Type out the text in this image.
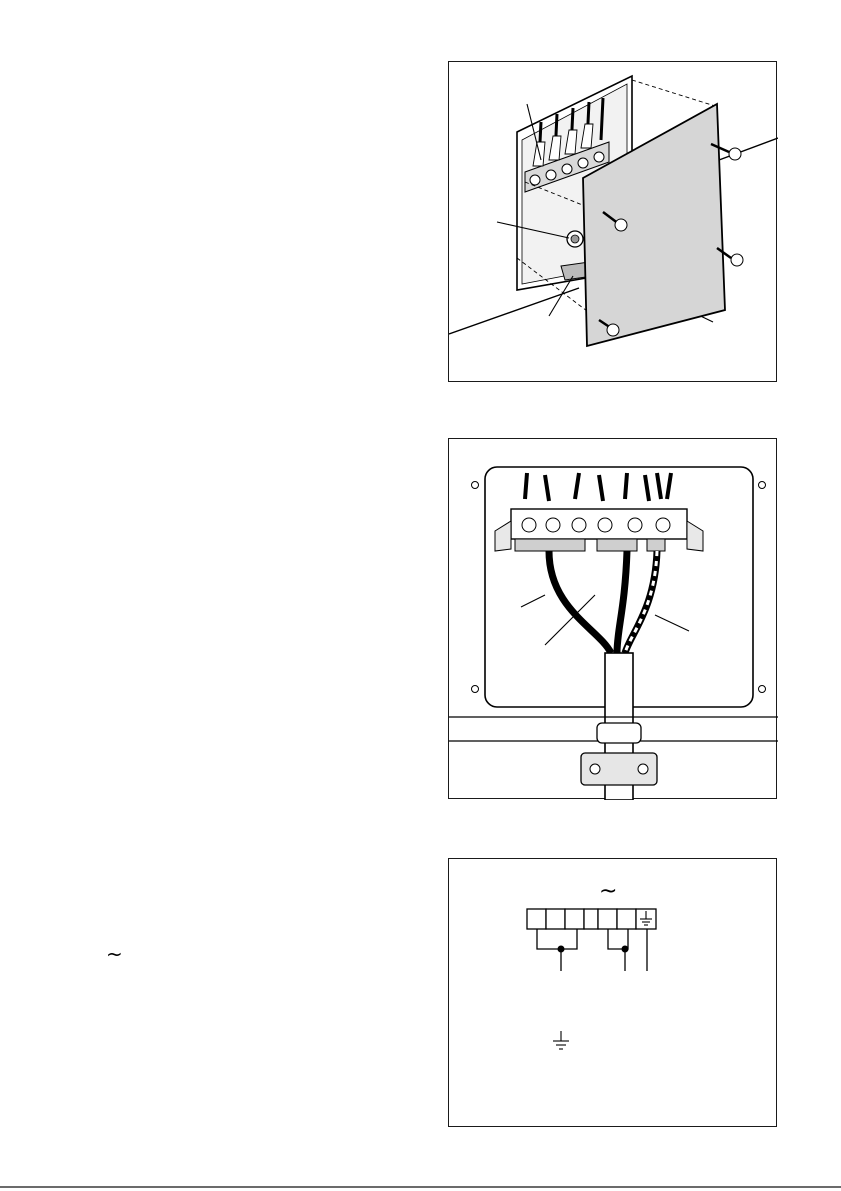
~
~
